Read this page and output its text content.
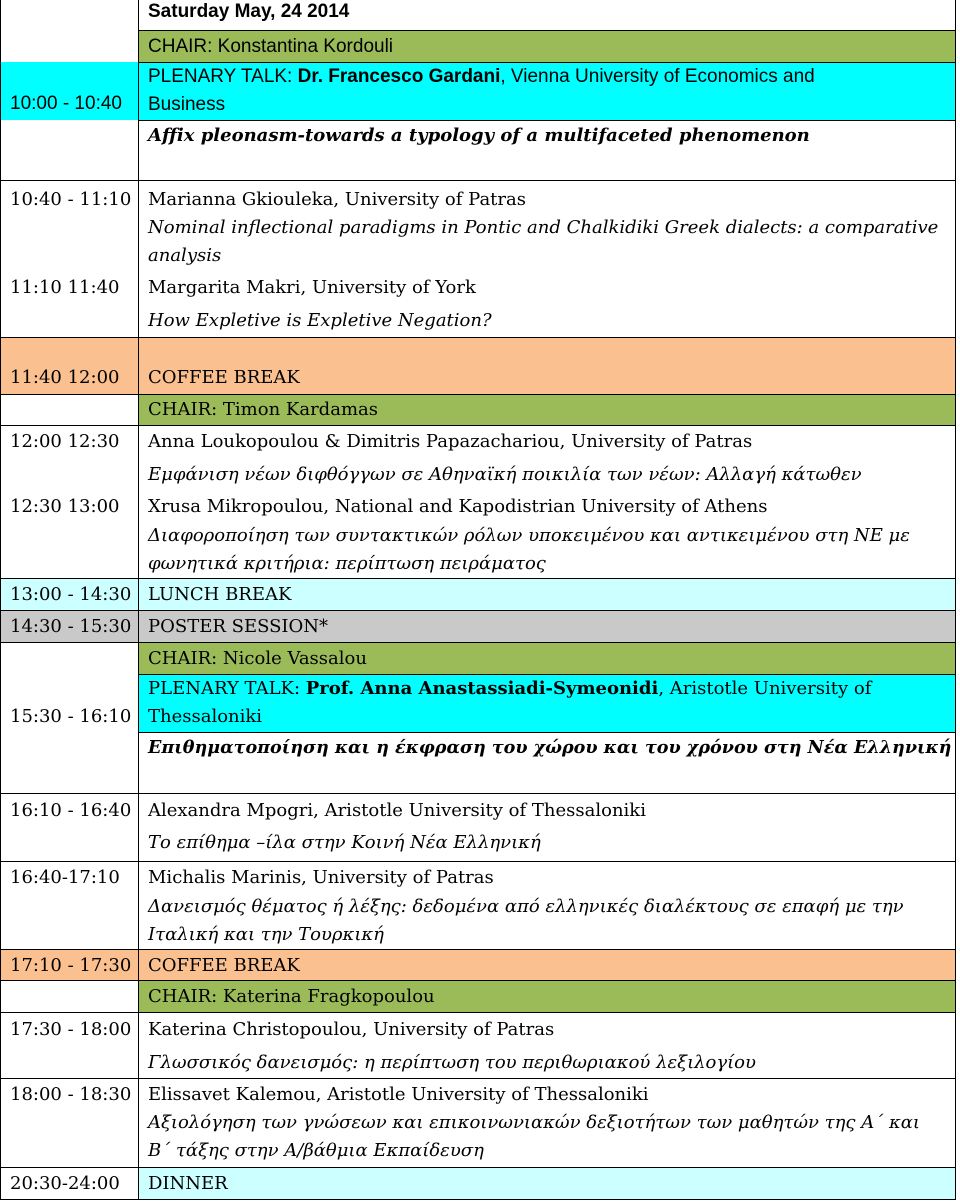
Saturday May, 24 2014
CHAIR: Konstantina Kordouli
10:00 - 10:40
PLENARY TALK: Dr. Francesco Gardani, Vienna University of Economics and
Business
Affix pleonasm-towards a typology of a multifaceted phenomenon
10:40 - 11:10 Marianna Gkiouleka, University of Patras
Nominal inflectional paradigms in Pontic and Chalkidiki Greek dialects: a comparative
analysis
11:10 11:40 Margarita Makri, University of York
How Expletive is Expletive Negation?
11:40 12:00 COFFEE BREAK
CHAIR: Timon Kardamas
12:00 12:30 Anna Loukopoulou & Dimitris Papazachariou, University of Patras
Εμφάνιση νέων διφθόγγων σε Αθηναϊκή ποικιλία των νέων: Αλλαγή κάτωθεν
12:30 13:00 Xrusa Mikropoulou, National and Kapodistrian University of Athens
Διαφοροποίηση των συντακτικών ρόλων υποκειμένου και αντικειμένου στη ΝΕ με
φωνητικά κριτήρια: περίπτωση πειράματος
13:00 - 14:30 LUNCH BREAK
14:30 - 15:30 POSTER SESSION*
CHAIR: Nicole Vassalou
15:30 - 16:10
PLENARY TALK: Prof. Anna Anastassiadi-Symeonidi, Aristotle University of
Thessaloniki
Επιθηματοποίηση και η έκφραση του χώρου και του χρόνου στη Νέα Ελληνική
16:10 - 16:40 Alexandra Mpogri, Aristotle University of Thessaloniki
Το επίθημα –ίλα στην Κοινή Νέα Ελληνική
16:40-17:10 Michalis Marinis, University of Patras
Δανεισμός θέματος ή λέξης: δεδομένα από ελληνικές διαλέκτους σε επαφή με την
Ιταλική και την Τουρκική
17:10 - 17:30 COFFEE BREAK
CHAIR: Katerina Fragkopoulou
17:30 - 18:00 Katerina Christopoulou, University of Patras
Γλωσσικός δανεισμός: η περίπτωση του περιθωριακού λεξιλογίου
18:00 - 18:30 Elissavet Kalemou, Aristotle University of Thessaloniki
Αξιολόγηση των γνώσεων και επικοινωνιακών δεξιοτήτων των μαθητών της Α΄ και
Β΄ τάξης στην Α/βάθμια Εκπαίδευση
20:30-24:00 DINNER
